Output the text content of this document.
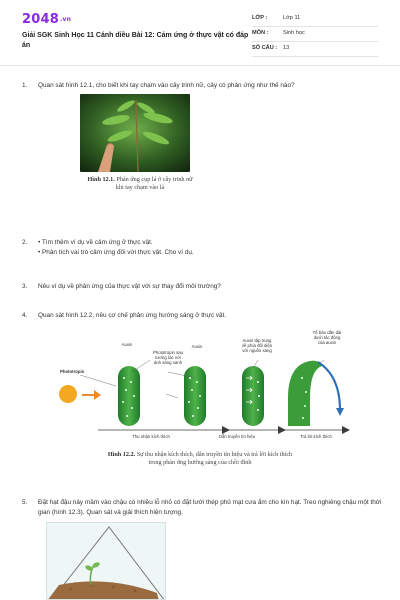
2048.vn
Giải SGK Sinh Học 11 Cánh diều Bài 12: Cảm ứng ở thực vật có đáp án
LỚP :	Lớp 11
MÔN :	Sinh học
SỐ CÂU : 13
1. Quan sát hình 12.1, cho biết khi tay chạm vào cây trinh nữ, cây có phản ứng như thế nào?
Hình 12.1. Phản ứng cụp lá ở cây trinh nữ
khi tay chạm vào lá
2. • Tìm thêm ví dụ về cảm ứng ở thực vật.
• Phân tích vai trò cảm ứng đối với thực vật. Cho ví dụ.
3. Nêu ví dụ về phản ứng của thực vật với sự thay đổi môi trường?
4. Quan sát hình 12.2, nêu cơ chế phản ứng hướng sáng ở thực vật.
Phototropin
Auxin
Phototropin sau
tương tác với
ánh sáng xanh
Auxin
Auxin tập trung
về phía đối diện
với nguồn sáng
Tế bào dãn dài
dưới tác động
của auxin
Thu nhận kích thích	Dẫn truyền tín hiệu	Trả lời kích thích
Hình 12.2. Sự thu nhận kích thích, dẫn truyền tín hiệu và trả lời kích thích
trong phản ứng hướng sáng của chồi đỉnh
5. Đặt hạt đậu nảy mầm vào chậu có nhiều lỗ nhỏ có đặt lưới thép phủ mạt cưa ẩm cho kín hạt. Treo nghiêng chậu một thời gian (hình 12.3). Quan sát và giải thích hiện tượng.
